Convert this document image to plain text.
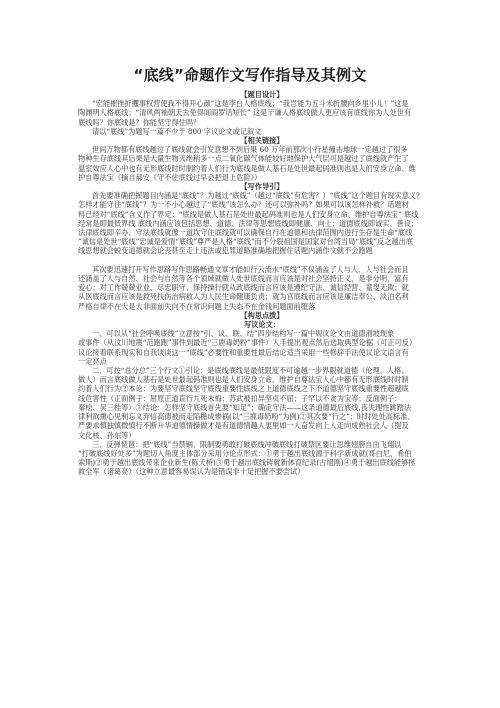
“底线”命题作文写作指导及其例文
【题目设计】
“宏能摧挫折攫事权营使我不得开心颜”这是李白人格底线；“我岂能为五斗米折腰向乡里小儿！”这是
陶渊明人格底线；“清风两袖朝天去免得闾阎罗话短长” 这是于谦人格底线做人更应该有底线你为人处世有
底线吗？你底线是？你能坚守得住吗？
请以“底线”为题写一篇不少于 800 字议论文或记叙文
【相关链接】
世间万物都有底线越过了底线就会引发意想不到后果 60 万年前那次小行星撞击地球一定越过了很多
物种生存底线其后果是大量生物灭绝稍多一点二氧化碳气体能较好地保护大气层可是越过了底线就产生了
温室效应人心中也有无形底线时时制约着人们行为底线是做人基石是处世最起码准则也是人们安身立命、维
护自尊法宝（摘自郝安《守不住底线过早会把退上危险》）
【写作导引】
首先要准确把握题目内涵是“底线”？为越过“底线”（越过“底线”有危害？）“底线”这个题目有现实意义？
怎样才能守住“底线”？为一不小心越过了“底线”该怎么办？还可以弥补吗？如果可以该怎样补救？话题材
料已经对“底线”含义作了界定：“底线是做人基石是处世最起码准则也是人们安身立命、维护自尊法宝” 底线
经常是即最低界线 底线内涵应该包括思想、道德、法律等思想底线即健康、向上；道德底线即诚实、善良；
法律底线即辛办、守法底线就像一道坎守住底线就可以确保自行在道德和法律范围内进行生存是生命“底线
”诚信是处世“底线”忠诚是爱情“底线”尊严是人格“底线”而不分裂祖国是国家对台湾当局“底线”反之越出底
线思想就会蜕变道德就会论丧甚至走上违法或犯罪道路准确地把握住话题内涵作文就不会跑题
其次要迅速打开写作思路写作思路畅通文章才能如行云流水“底线”不仅涵盖了人与人、人与社会而且
还涵盖了人与自然、社会与自然等各个领域就做人处世底线而言应该是对社会坚持正义、是非分明，富有
爱心；对工作兢兢业业、尽忠职守、保持操行就从政底线而言应该是遵纪守法、诚信经营、童叟无欺；就
从医底线而言应该是救死扶伤治病救人为人民生命健康负责；就为官底线而言应该是廉洁奉公、淡泊名利
严格自律不在大是大非面前失向不在常识问题上失态不在金钱问题面前堕落
【构思点拨】
写议论文：
一、可以从“社会呼唤底线”立意按“引、议、联、结”四步结构写一篇中规议论文由道德滑坡现象
或事件（从汶川地震“范跑跑”事件到最近“三鹿毒奶粉”事件）入手提出观点然后选取典型论据（可正可反）
议论接着联系现实和自我谈谈这一“底线”必要性和重要性最后结论适当采用一些修辞手法使议论文语言有
一定亮点
二、可按“总分总”三个行文①引论：是底线底线是最低限度不可逾越一步界限就道德（伦理、人格、
做人）而言底线做人基石是处世最起码准则也是人们安身立命、维护自尊法宝人心中都有无形底线时时制
约着人们行为②本论：为要坚守底线坚守底线重要性底线之上道德底线之下不道德坚守底线重要性超越底
线危害性（正面例子：屈原正道直行九死未悔；苏武被扣异坚贞不屈；子罕以不贪为宝等；反面例子：
秦桧、吴三桂等）③结论：怎样坚守底线首先要“知足”；确定守法——这条道德最后底线,丧失理性跳踏法
律利欲熏心见利忘义弃信高德被而走陷檐成惨祸(以“三鹿毒奶粉”为例)②其次要“行之”；时时处处高标准、
严要求慎独慎微慎行不断升华道德情操做才是有道德情趣人衷里如一人奋发向上人走向成熟社会人（提及
文化核、孙东等）
三、反弹琵琶：把“底线”当禁锢、限制要勇敢打破底线冲破底线打破禁区要让思维翅膀自由飞翔以
“打破底线好处多”为题切入角度主体部分采用分论点形式：①勇于越出底线源于科学新成就(哥白尼，希伯
索斯)②勇于越出底线带来企业新生(陈天桥)③勇于越出底线铸就新体育纪录(古旭刚)④勇于越出底线能够拯
救全军（诸葛亮）（这种立意最容易误认为是错误非十足把握不要尝试）
